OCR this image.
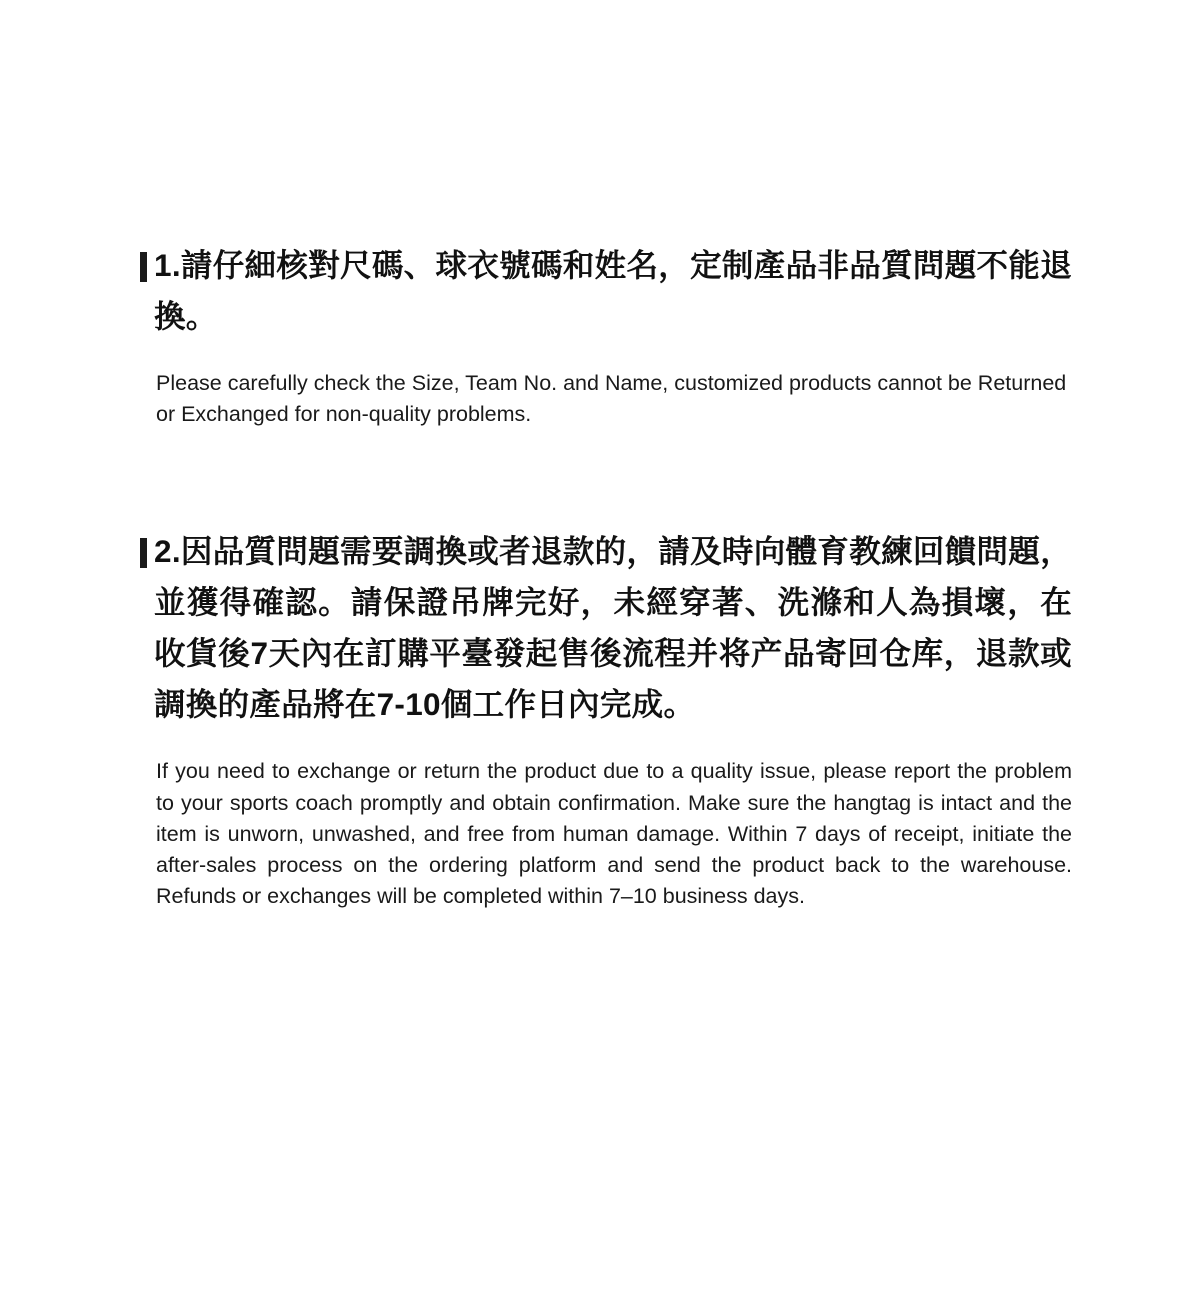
1.請仔細核對尺碼、球衣號碼和姓名，定制產品非品質問題不能退換。

Please carefully check the Size, Team No. and Name, customized products cannot be Returned or Exchanged for non-quality problems.

2.因品質問題需要調換或者退款的，請及時向體育教練回饋問題，並獲得確認。請保證吊牌完好，未經穿著、洗滌和人為損壞，在收貨後7天內在訂購平臺發起售後流程并将产品寄回仓库，退款或調換的產品將在7-10個工作日內完成。

If you need to exchange or return the product due to a quality issue, please report the problem to your sports coach promptly and obtain confirmation. Make sure the hangtag is intact and the item is unworn, unwashed, and free from human damage. Within 7 days of receipt, initiate the after-sales process on the ordering platform and send the product back to the warehouse. Refunds or exchanges will be completed within 7–10 business days.
